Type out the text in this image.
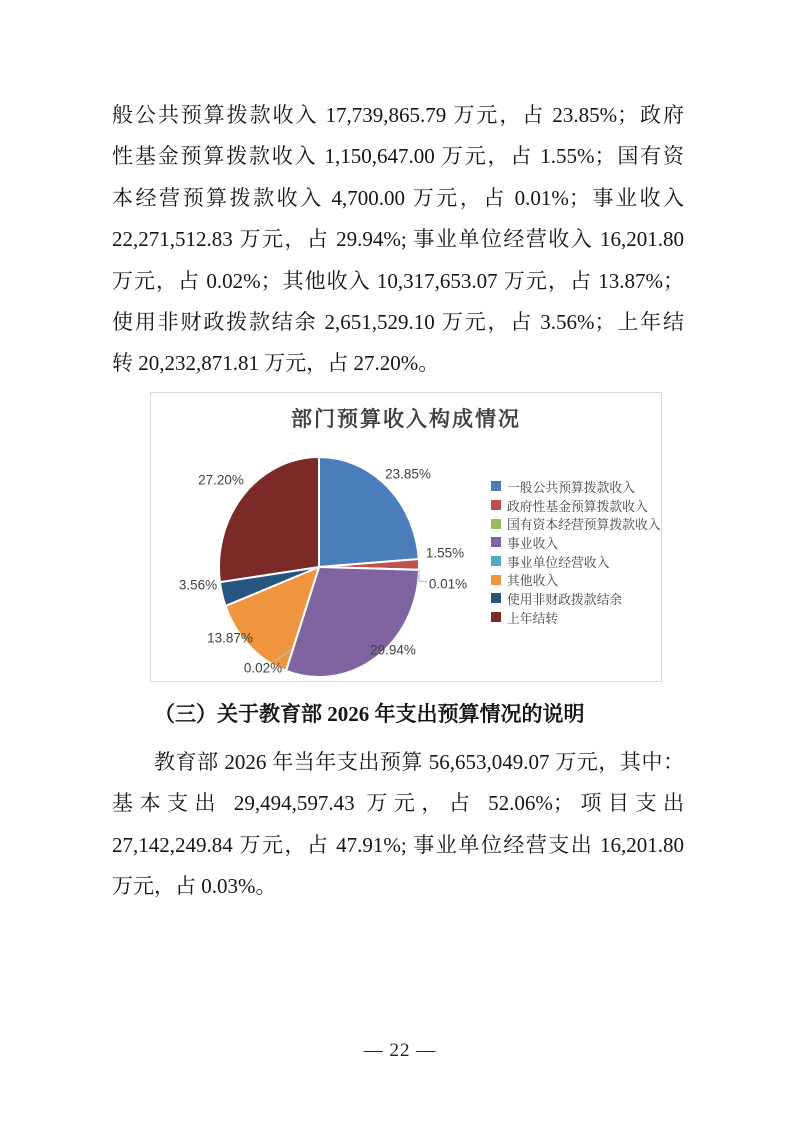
般公共预算拨款收入 17,739,865.79 万元，占 23.85%；政府
性基金预算拨款收入 1,150,647.00 万元，占 1.55%；国有资
本经营预算拨款收入 4,700.00 万元，占 0.01%；事业收入
22,271,512.83 万元，占 29.94%; 事业单位经营收入 16,201.80
万元，占 0.02%；其他收入 10,317,653.07 万元，占 13.87%；
使用非财政拨款结余 2,651,529.10 万元，占 3.56%；上年结
转 20,232,871.81 万元，占 27.20%。
部门预算收入构成情况
23.85%
1.55%
0.01%
29.94%
0.02%
13.87%
3.56%
27.20%	一般公共预算拨款收入
政府性基金预算拨款收入
国有资本经营预算拨款收入
事业收入
事业单位经营收入
其他收入
使用非财政拨款结余
上年结转
（三）关于教育部 2026 年支出预算情况的说明
教育部 2026 年当年支出预算 56,653,049.07 万元，其中：
基本支出 29,494,597.43 万元，占 52.06%；项目支出
27,142,249.84 万元，占 47.91%; 事业单位经营支出 16,201.80
万元，占 0.03%。
— 22 —
